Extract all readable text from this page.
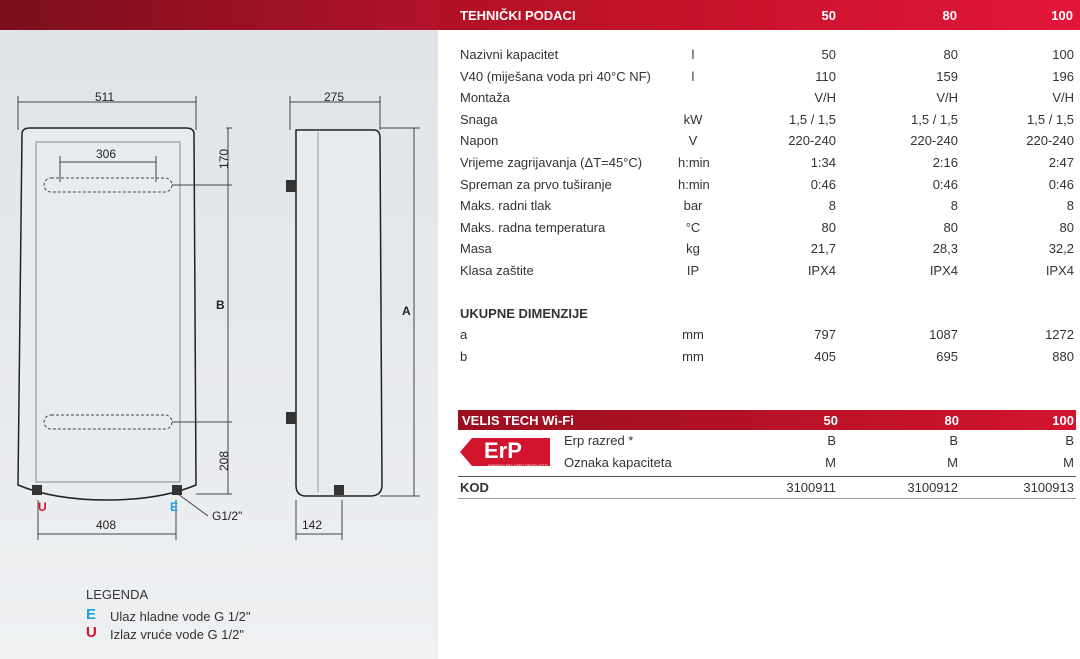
TEHNIČKI PODACI	50	80	100
511
306	170
B
208
408
275
A
142
G1/2"
U	E
LEGENDA
E Ulaz hladne vode G 1/2"
U Izlaz vruće vode G 1/2"
Nazivni kapacitet	l	50	80	100
V40 (miješana voda pri 40°C NF)	l	110	159	196
Montaža	V/H	V/H	V/H
Snaga	kW	1,5 / 1,5	1,5 / 1,5	1,5 / 1,5
Napon	V	220-240	220-240	220-240
Vrijeme zagrijavanja (ΔT=45°C)	h:min	1:34	2:16	2:47
Spreman za prvo tuširanje	h:min	0:46	0:46	0:46
Maks. radni tlak	bar	8	8	8
Maks. radna temperatura	°C	80	80	80
Masa	kg	21,7	28,3	32,2
Klasa zaštite	IP	IPX4	IPX4	IPX4
UKUPNE DIMENZIJE
a	mm	797	1087	1272
b	mm	405	695	880
VELIS TECH Wi-Fi	50	80	100
ErP
ENERGY RELATED PRODUCTS
Erp razred *	B	B	B
Oznaka kapaciteta	M	M	M
KOD	3100911	3100912	3100913
